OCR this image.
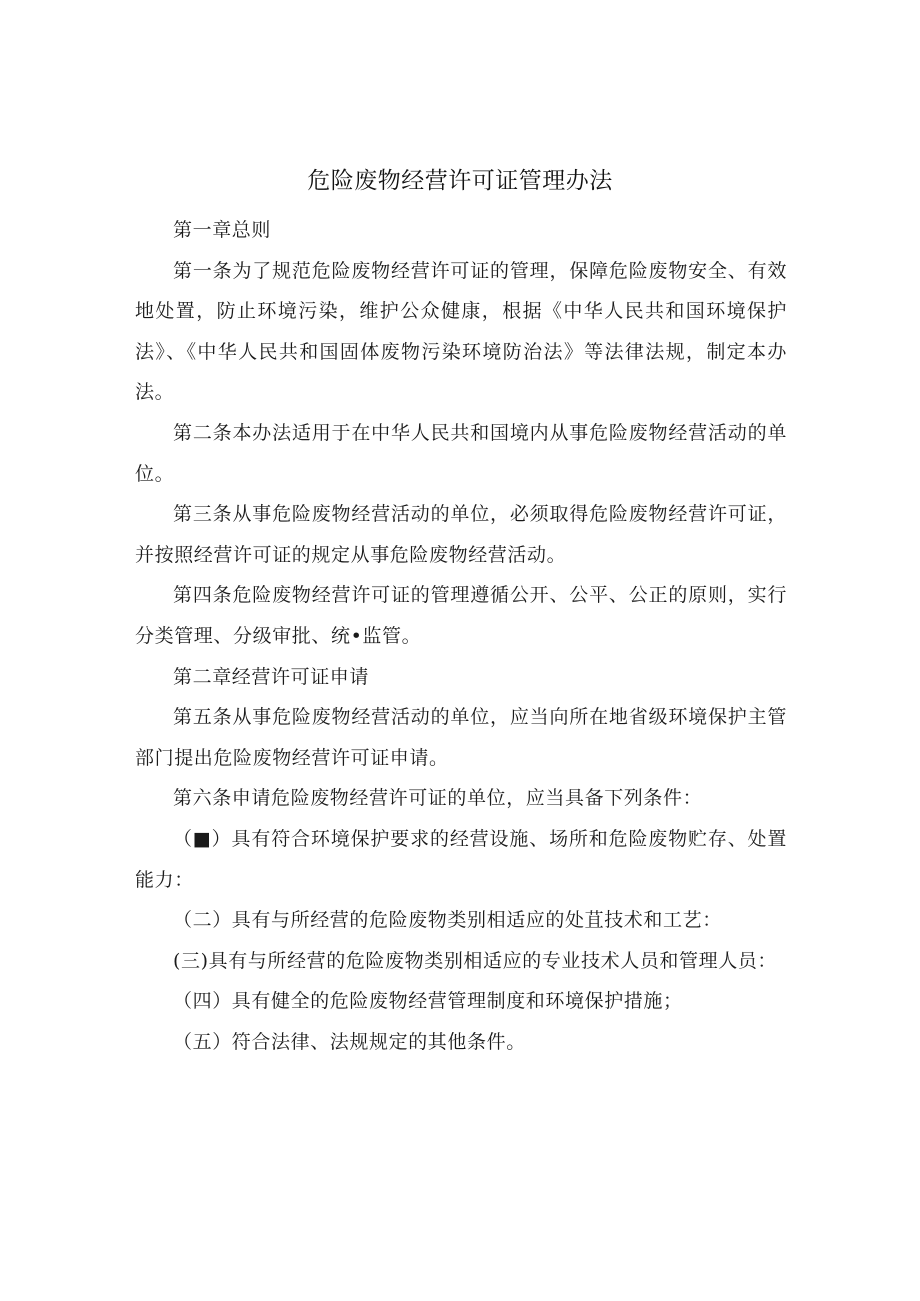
危险废物经营许可证管理办法

第一章总则

第一条为了规范危险废物经营许可证的管理，保障危险废物安全、有效地处置，防止环境污染，维护公众健康，根据《中华人民共和国环境保护法》、《中华人民共和国固体废物污染环境防治法》等法律法规，制定本办法。

第二条本办法适用于在中华人民共和国境内从事危险废物经营活动的单位。

第三条从事危险废物经营活动的单位，必须取得危险废物经营许可证，并按照经营许可证的规定从事危险废物经营活动。

第四条危险废物经营许可证的管理遵循公开、公平、公正的原则，实行分类管理、分级审批、统•监管。

第二章经营许可证申请

第五条从事危险废物经营活动的单位，应当向所在地省级环境保护主管部门提出危险废物经营许可证申请。

第六条申请危险废物经营许可证的单位，应当具备下列条件：

（■）具有符合环境保护要求的经营设施、场所和危险废物贮存、处置能力：

（二）具有与所经营的危险废物类别相适应的处苴技术和工艺：

(三)具有与所经营的危险废物类别相适应的专业技术人员和管理人员：

（四）具有健全的危险废物经营管理制度和环境保护措施；

（五）符合法律、法规规定的其他条件。
